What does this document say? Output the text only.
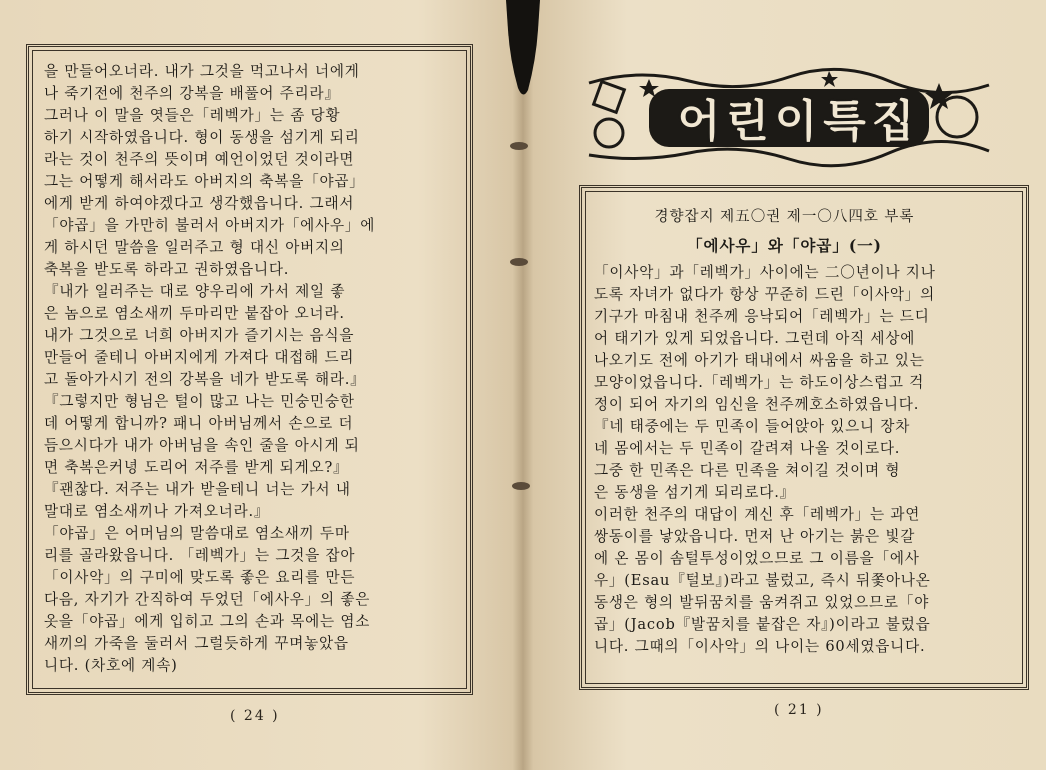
을 만들어오너라. 내가 그것을 먹고나서 너에게
나 죽기전에 천주의 강복을 배풀어 주리라』
그러나 이 말을 엿들은「레벡가」는 좀 당황
하기 시작하였읍니다. 형이 동생을 섬기게 되리
라는 것이 천주의 뜻이며 예언이었던 것이라면
그는 어떻게 해서라도 아버지의 축복을「야곱」
에게 받게 하여야겠다고 생각했읍니다. 그래서
「야곱」을 가만히 불러서 아버지가「에사우」에
게 하시던 말씀을 일러주고 형 대신 아버지의
축복을 받도록 하라고 권하였읍니다.
『내가 일러주는 대로 양우리에 가서 제일 좋
은 놈으로 염소새끼 두마리만 붙잡아 오너라.
내가 그것으로 너희 아버지가 즐기시는 음식을
만들어 줄테니 아버지에게 가져다 대접해 드리
고 돌아가시기 전의 강복을 네가 받도록 해라.』
『그렇지만 형님은 털이 많고 나는 민숭민숭한
데 어떻게 합니까? 패니 아버님께서 손으로 더
듬으시다가 내가 아버님을 속인 줄을 아시게 되
면 축복은커녕 도리어 저주를 받게 되게오?』
『괜찮다. 저주는 내가 받을테니 너는 가서 내
말대로 염소새끼나 가져오너라.』
「야곱」은 어머님의 말씀대로 염소새끼 두마
리를 골라왔읍니다. 「레벡가」는 그것을 잡아
「이사악」의 구미에 맞도록 좋은 요리를 만든
다음, 자기가 간직하여 두었던「에사우」의 좋은
옷을「야곱」에게 입히고 그의 손과 목에는 염소
새끼의 가죽을 둘러서 그럴듯하게 꾸며놓았읍
니다. (차호에 계속)
( 24 )
어린이특집
경향잡지 제五〇권 제一〇八四호 부록
「에사우」와「야곱」(一)
「이사악」과「레벡가」사이에는 二〇년이나 지나
도록 자녀가 없다가 항상 꾸준히 드린「이사악」의
기구가 마침내 천주께 응낙되어「레벡가」는 드디
어 태기가 있게 되었읍니다. 그런데 아직 세상에
나오기도 전에 아기가 태내에서 싸움을 하고 있는
모양이었읍니다.「레벡가」는 하도이상스럽고 걱
정이 되어 자기의 임신을 천주께호소하였읍니다.
『네 태중에는 두 민족이 들어앉아 있으니 장차
네 몸에서는 두 민족이 갈려져 나올 것이로다.
그중 한 민족은 다른 민족을 쳐이길 것이며 형
은 동생을 섬기게 되리로다.』
이러한 천주의 대답이 계신 후「레벡가」는 과연
쌍동이를 낳았읍니다. 먼저 난 아기는 붉은 빛갈
에 온 몸이 솜털투성이었으므로 그 이름을「에사
우」(Esau『털보』)라고 불렀고, 즉시 뒤쫓아나온
동생은 형의 발뒤꿈치를 움켜쥐고 있었으므로「야
곱」(Jacob『발꿈치를 붙잡은 자』)이라고 불렀읍
니다. 그때의「이사악」의 나이는 60세였읍니다.
( 21 )
